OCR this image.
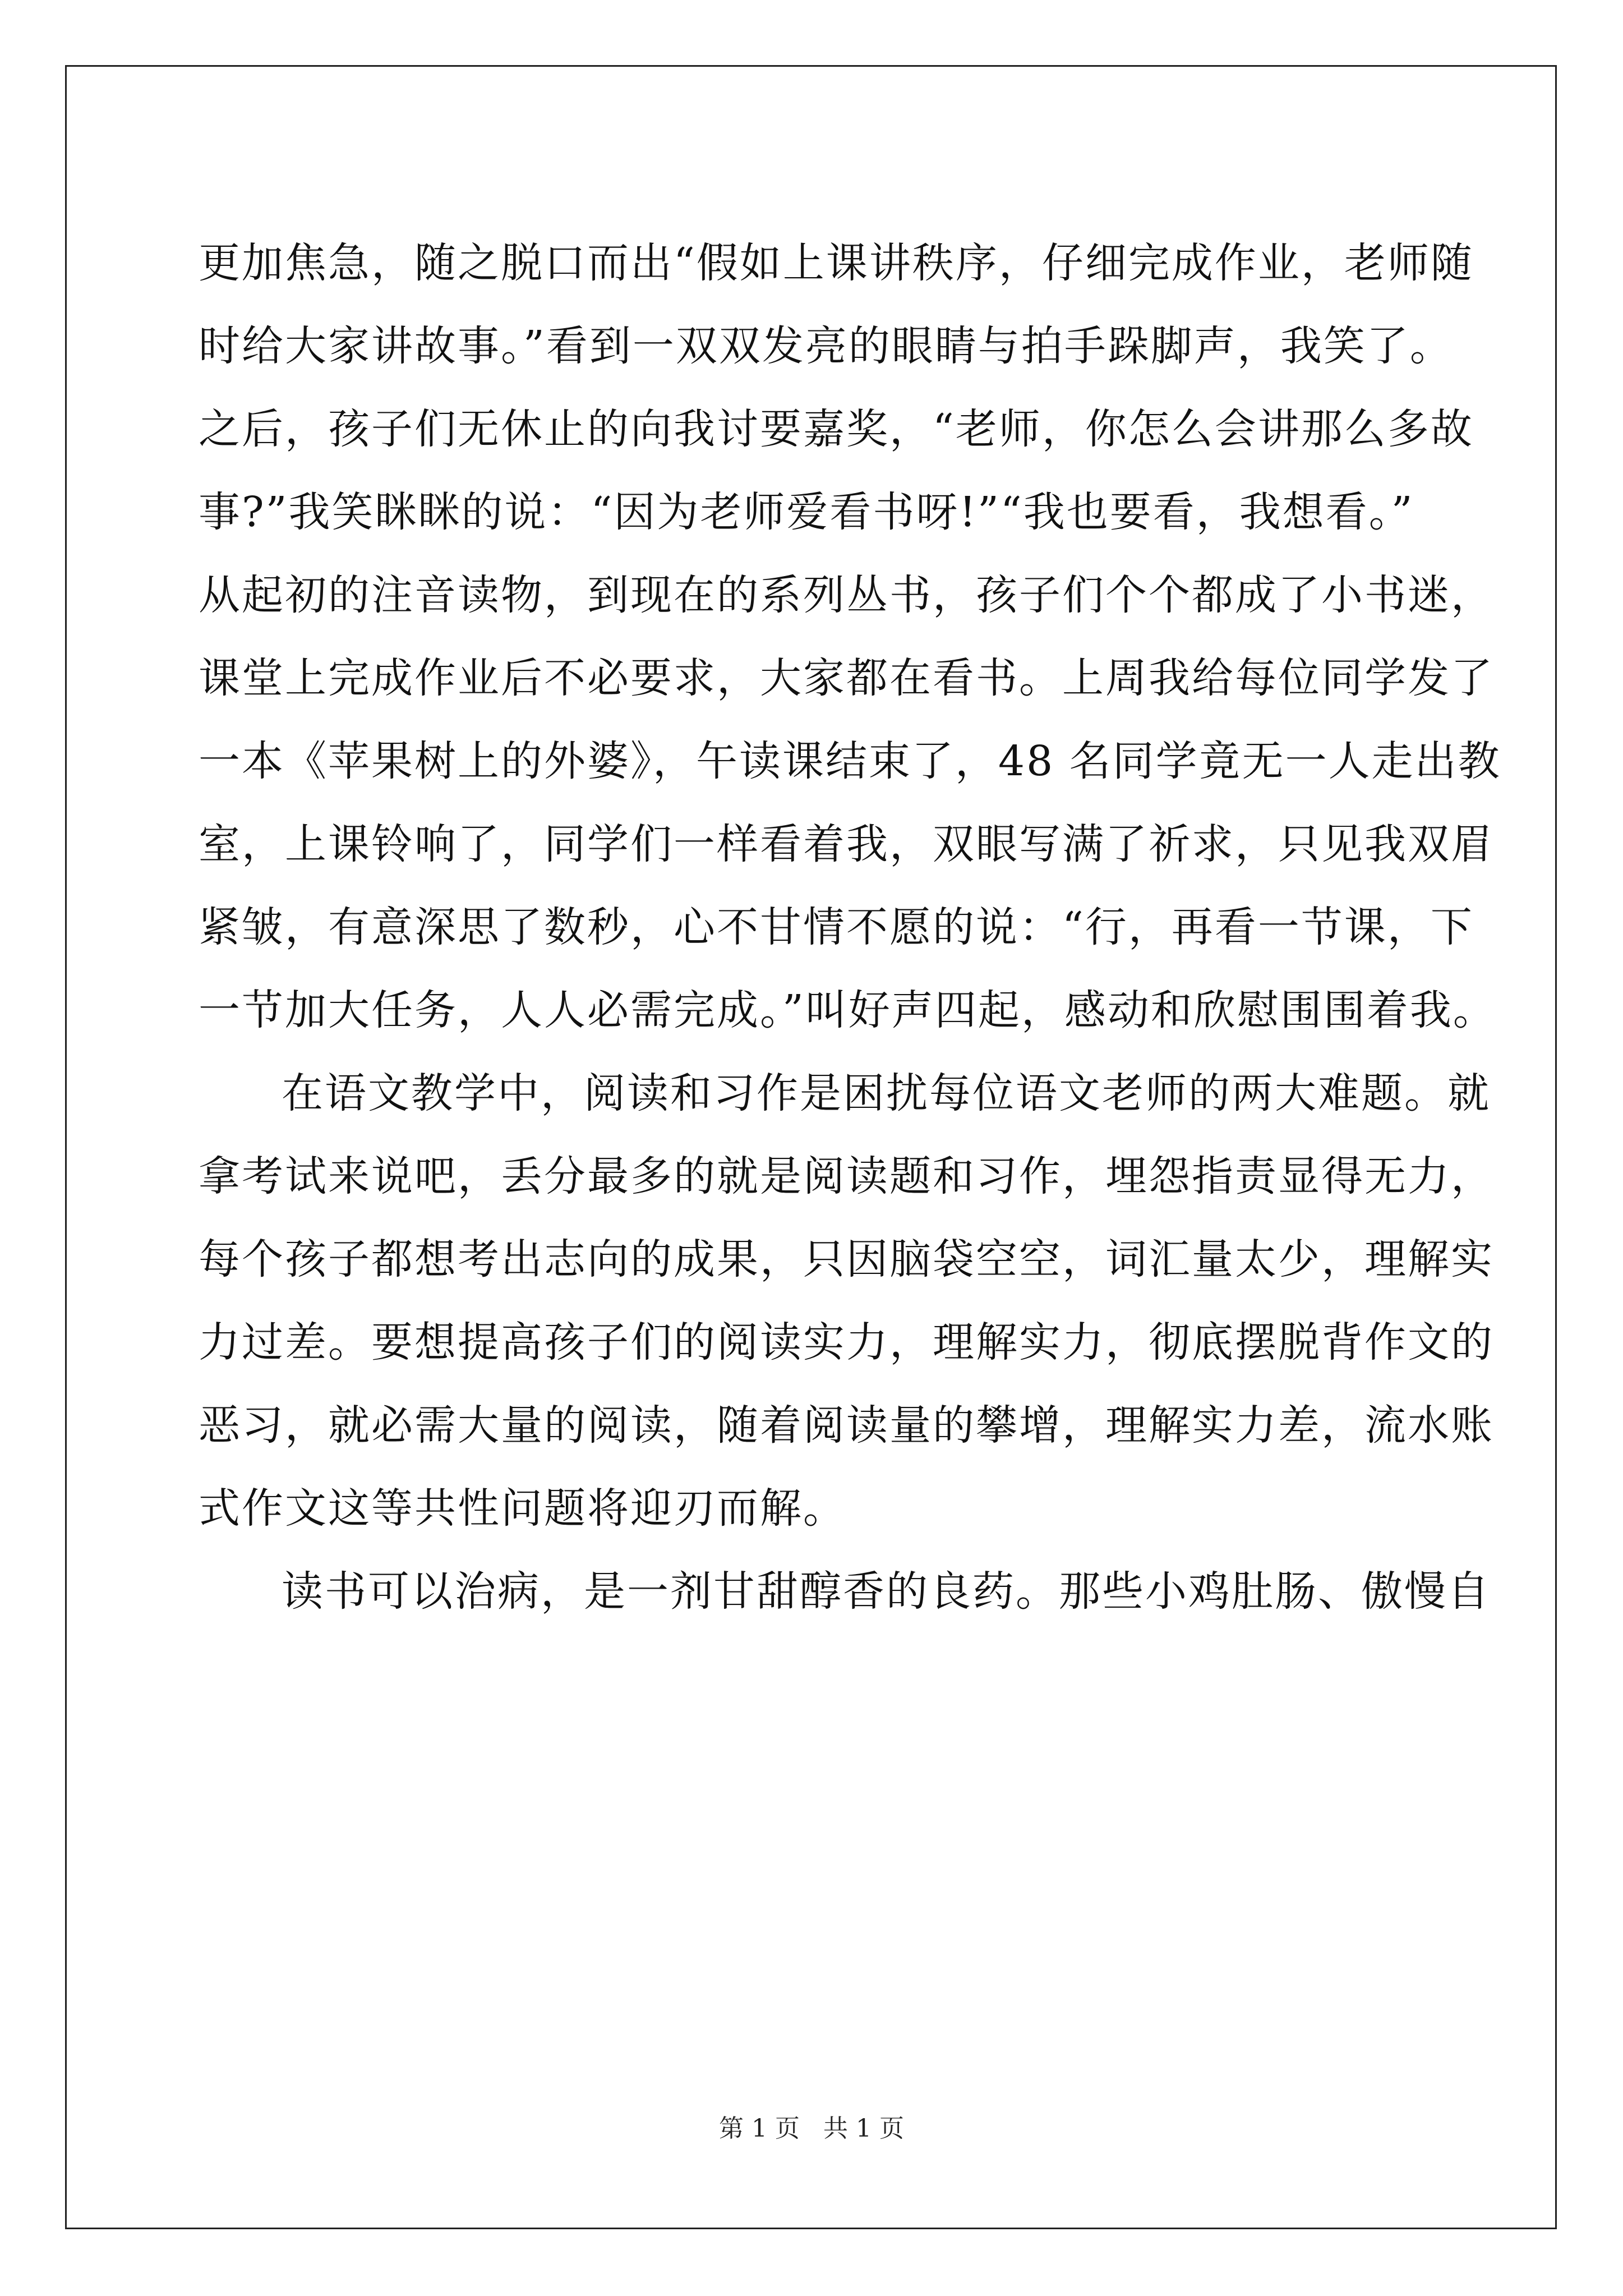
更加焦急，随之脱口而出“假如上课讲秩序，仔细完成作业，老师随
时给大家讲故事。”看到一双双发亮的眼睛与拍手跺脚声，我笑了。
之后，孩子们无休止的向我讨要嘉奖，“老师，你怎么会讲那么多故
事?”我笑眯眯的说：“因为老师爱看书呀!”“我也要看，我想看。”
从起初的注音读物，到现在的系列丛书，孩子们个个都成了小书迷，
课堂上完成作业后不必要求，大家都在看书。上周我给每位同学发了
一本《苹果树上的外婆》，午读课结束了，48 名同学竟无一人走出教
室，上课铃响了，同学们一样看着我，双眼写满了祈求，只见我双眉
紧皱，有意深思了数秒，心不甘情不愿的说：“行，再看一节课，下
一节加大任务，人人必需完成。”叫好声四起，感动和欣慰围围着我。
在语文教学中，阅读和习作是困扰每位语文老师的两大难题。就
拿考试来说吧，丢分最多的就是阅读题和习作，埋怨指责显得无力，
每个孩子都想考出志向的成果，只因脑袋空空，词汇量太少，理解实
力过差。要想提高孩子们的阅读实力，理解实力，彻底摆脱背作文的
恶习，就必需大量的阅读，随着阅读量的攀增，理解实力差，流水账
式作文这等共性问题将迎刃而解。
读书可以治病，是一剂甘甜醇香的良药。那些小鸡肚肠、傲慢自
第 1 页 共 1 页
